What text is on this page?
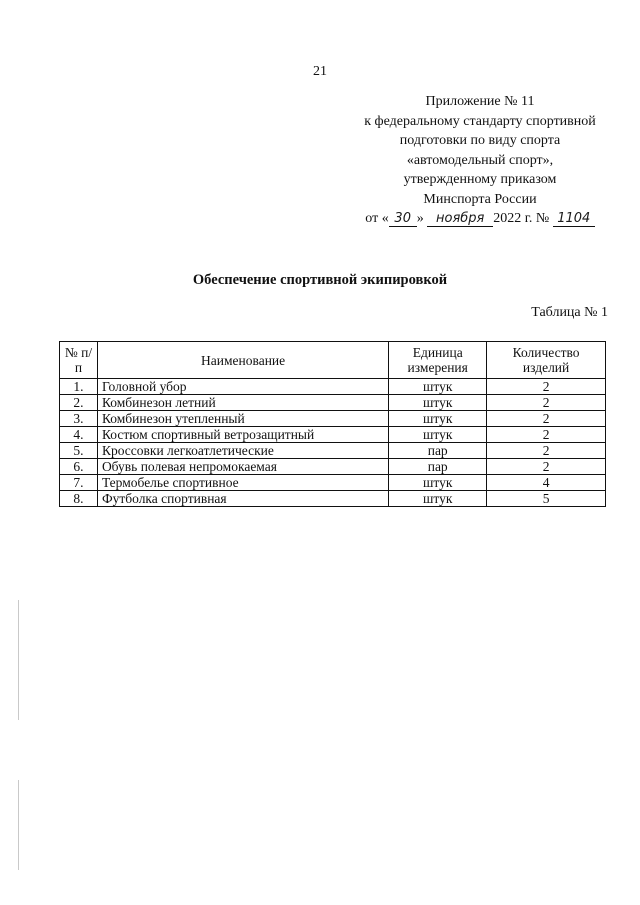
21
Приложение № 11
к федеральному стандарту спортивной
подготовки по виду спорта
«автомодельный спорт»,
утвержденному приказом
Минспорта России
от « 30 » ноября 2022 г. № 1104
Обеспечение спортивной экипировкой
Таблица № 1
№ п/п	Наименование	Единица измерения	Количество изделий
1.	Головной убор	штук	2
2.	Комбинезон летний	штук	2
3.	Комбинезон утепленный	штук	2
4.	Костюм спортивный ветрозащитный	штук	2
5.	Кроссовки легкоатлетические	пар	2
6.	Обувь полевая непромокаемая	пар	2
7.	Термобелье спортивное	штук	4
8.	Футболка спортивная	штук	5
